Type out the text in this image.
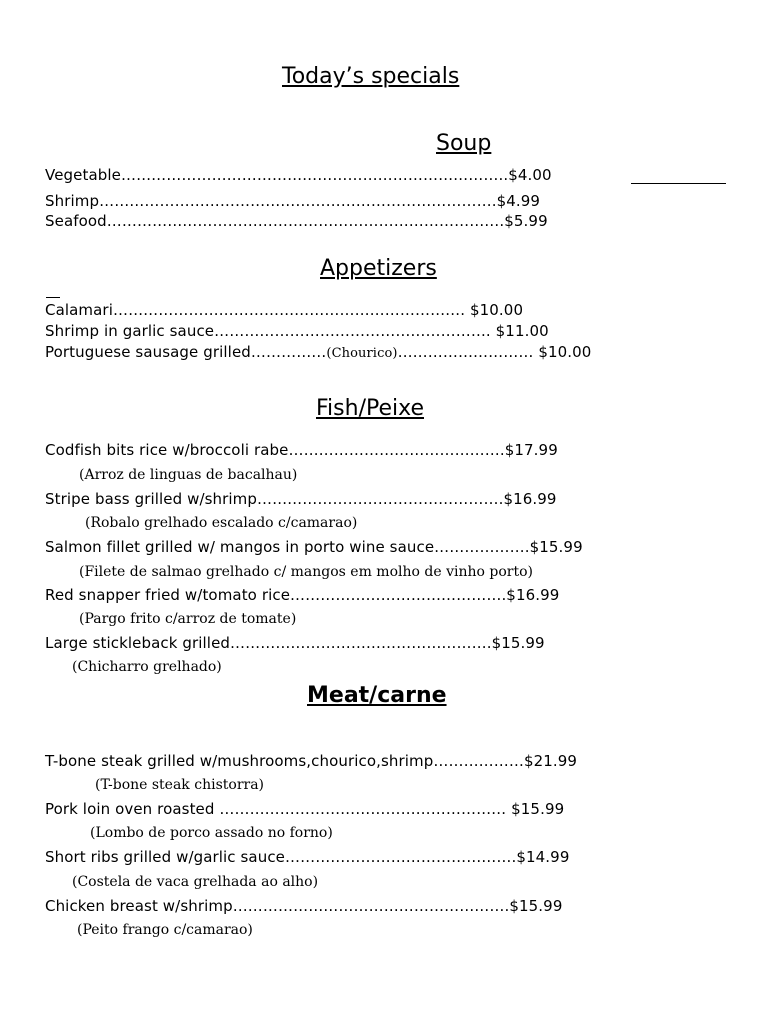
Today’s specials
Soup
Vegetable…………………………………………………………………..$4.00
Shrimp…………………………………………………………………….$4.99
Seafood…………………………………………………………………….$5.99
Appetizers
Calamari……………………………………………………………. $10.00
Shrimp in garlic sauce………………………………………………. $11.00
Portuguese sausage grilled……………(Chourico)……………………… $10.00
Fish/Peixe
Codfish bits rice w/broccoli rabe…………………………………….$17.99
(Arroz de linguas de bacalhau)
Stripe bass grilled w/shrimp………………………………………….$16.99
(Robalo grelhado escalado c/camarao)
Salmon fillet grilled w/ mangos in porto wine sauce……………….$15.99
(Filete de salmao grelhado c/ mangos em molho de vinho porto)
Red snapper fried w/tomato rice…………………………………….$16.99
(Pargo frito c/arroz de tomate)
Large stickleback grilled…………………………………………….$15.99
(Chicharro grelhado)
Meat/carne
T-bone steak grilled w/mushrooms,chourico,shrimp………………$21.99
(T-bone steak chistorra)
Pork loin oven roasted ………………………………………………… $15.99
(Lombo de porco assado no forno)
Short ribs grilled w/garlic sauce……………………………………….$14.99
(Costela de vaca grelhada ao alho)
Chicken breast w/shrimp……………………………………………….$15.99
(Peito frango c/camarao)
